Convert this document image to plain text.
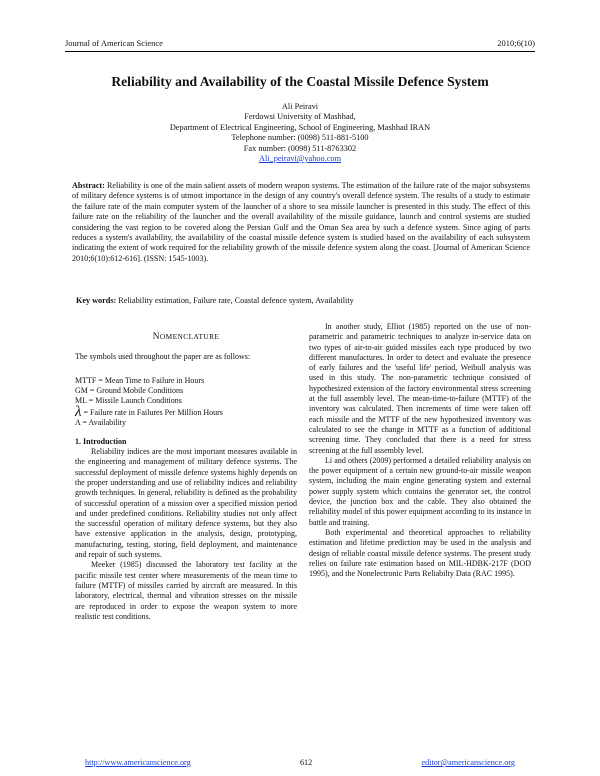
Journal of American Science	2010;6(10)
Reliability and Availability of the Coastal Missile Defence System
Ali Peiravi
Ferdowsi University of Mashhad,
Department of Electrical Engineering, School of Engineering, Mashhad IRAN
Telephone number: (0098) 511-881-5100
Fax number: (0098) 511-8763302
Ali_peiravi@yahoo.com
Abstract: Reliability is one of the main salient assets of modern weapon systems. The estimation of the failure rate of the major subsystems of military defence systems is of utmost importance in the design of any country's overall defence system. The results of a study to estimate the failure rate of the main computer system of the launcher of a shore to sea missile launcher is presented in this study. The effect of this failure rate on the reliability of the launcher and the overall availability of the missile guidance, launch and control systems are studied considering the vast region to be covered along the Persian Gulf and the Oman Sea area by such a defence system. Since aging of parts reduces a system's availability, the availability of the coastal missile defence system is studied based on the availability of each subsystem indicating the extent of work required for the reliability growth of the missile defence system along the coast. [Journal of American Science 2010;6(10):612-616]. (ISSN: 1545-1003).
Key words: Reliability estimation, Failure rate, Coastal defence system, Availability
NOMENCLATURE
The symbols used throughout the paper are as follows:
MTTF = Mean Time to Failure in Hours
GM = Ground Mobile Conditions
ML = Missile Launch Conditions
λ = Failure rate in Failures Per Million Hours
A = Availability
1. Introduction

Reliability indices are the most important measures available in the engineering and management of military defence systems. The successful deployment of missile defence systems highly depends on the proper understanding and use of reliability indices and reliability growth techniques. In general, reliability is defined as the probability of successful operation of a mission over a specified mission period and under predefined conditions. Reliability studies not only affect the successful operation of military defence systems, but they also have extensive application in the analysis, design, prototyping, manufacturing, testing, storing, field deployment, and maintenance and repair of such systems.

Meeker (1985) discussed the laboratory test facility at the pacific missile test center where measurements of the mean time to failure (MTTF) of missiles carried by aircraft are measured. In this laboratory, electrical, thermal and vibration stresses on the missile are reproduced in order to expose the weapon system to more realistic test conditions.

In another study, Elliot (1985) reported on the use of non-parametric and parametric techniques to analyze in-service data on two types of air-to-air guided missiles each type produced by two different manufactures. In order to detect and evaluate the presence of early failures and the 'useful life' period, Weibull analysis was used in this study. The non-parametric technique consisted of hypothesized extension of the factory environmental stress screening at the full assembly level. The mean-time-to-failure (MTTF) of the inventory was calculated. Then increments of time were taken off each missile and the MTTF of the new hypothesized inventory was calculated to see the change in MTTF as a function of additional screening time. They concluded that there is a need for stress screening at the full assembly level.

Li and others (2009) performed a detailed reliability analysis on the power equipment of a certain new ground-to-air missile weapon system, including the main engine generating system and external power supply system which contains the generator set, the control device, the junction box and the cable. They also obtained the reliability model of this power equipment according to its instance in battle and training.

Both experimental and theoretical approaches to reliability estimation and lifetime prediction may be used in the analysis and design of reliable coastal missile defence systems. The present study relies on failure rate estimation based on MIL-HDBK-217F (DOD 1995), and the Nonelectronic Parts Reliabilty Data (RAC 1995).

http://www.americanscience.org	612	editor@americanscience.org
